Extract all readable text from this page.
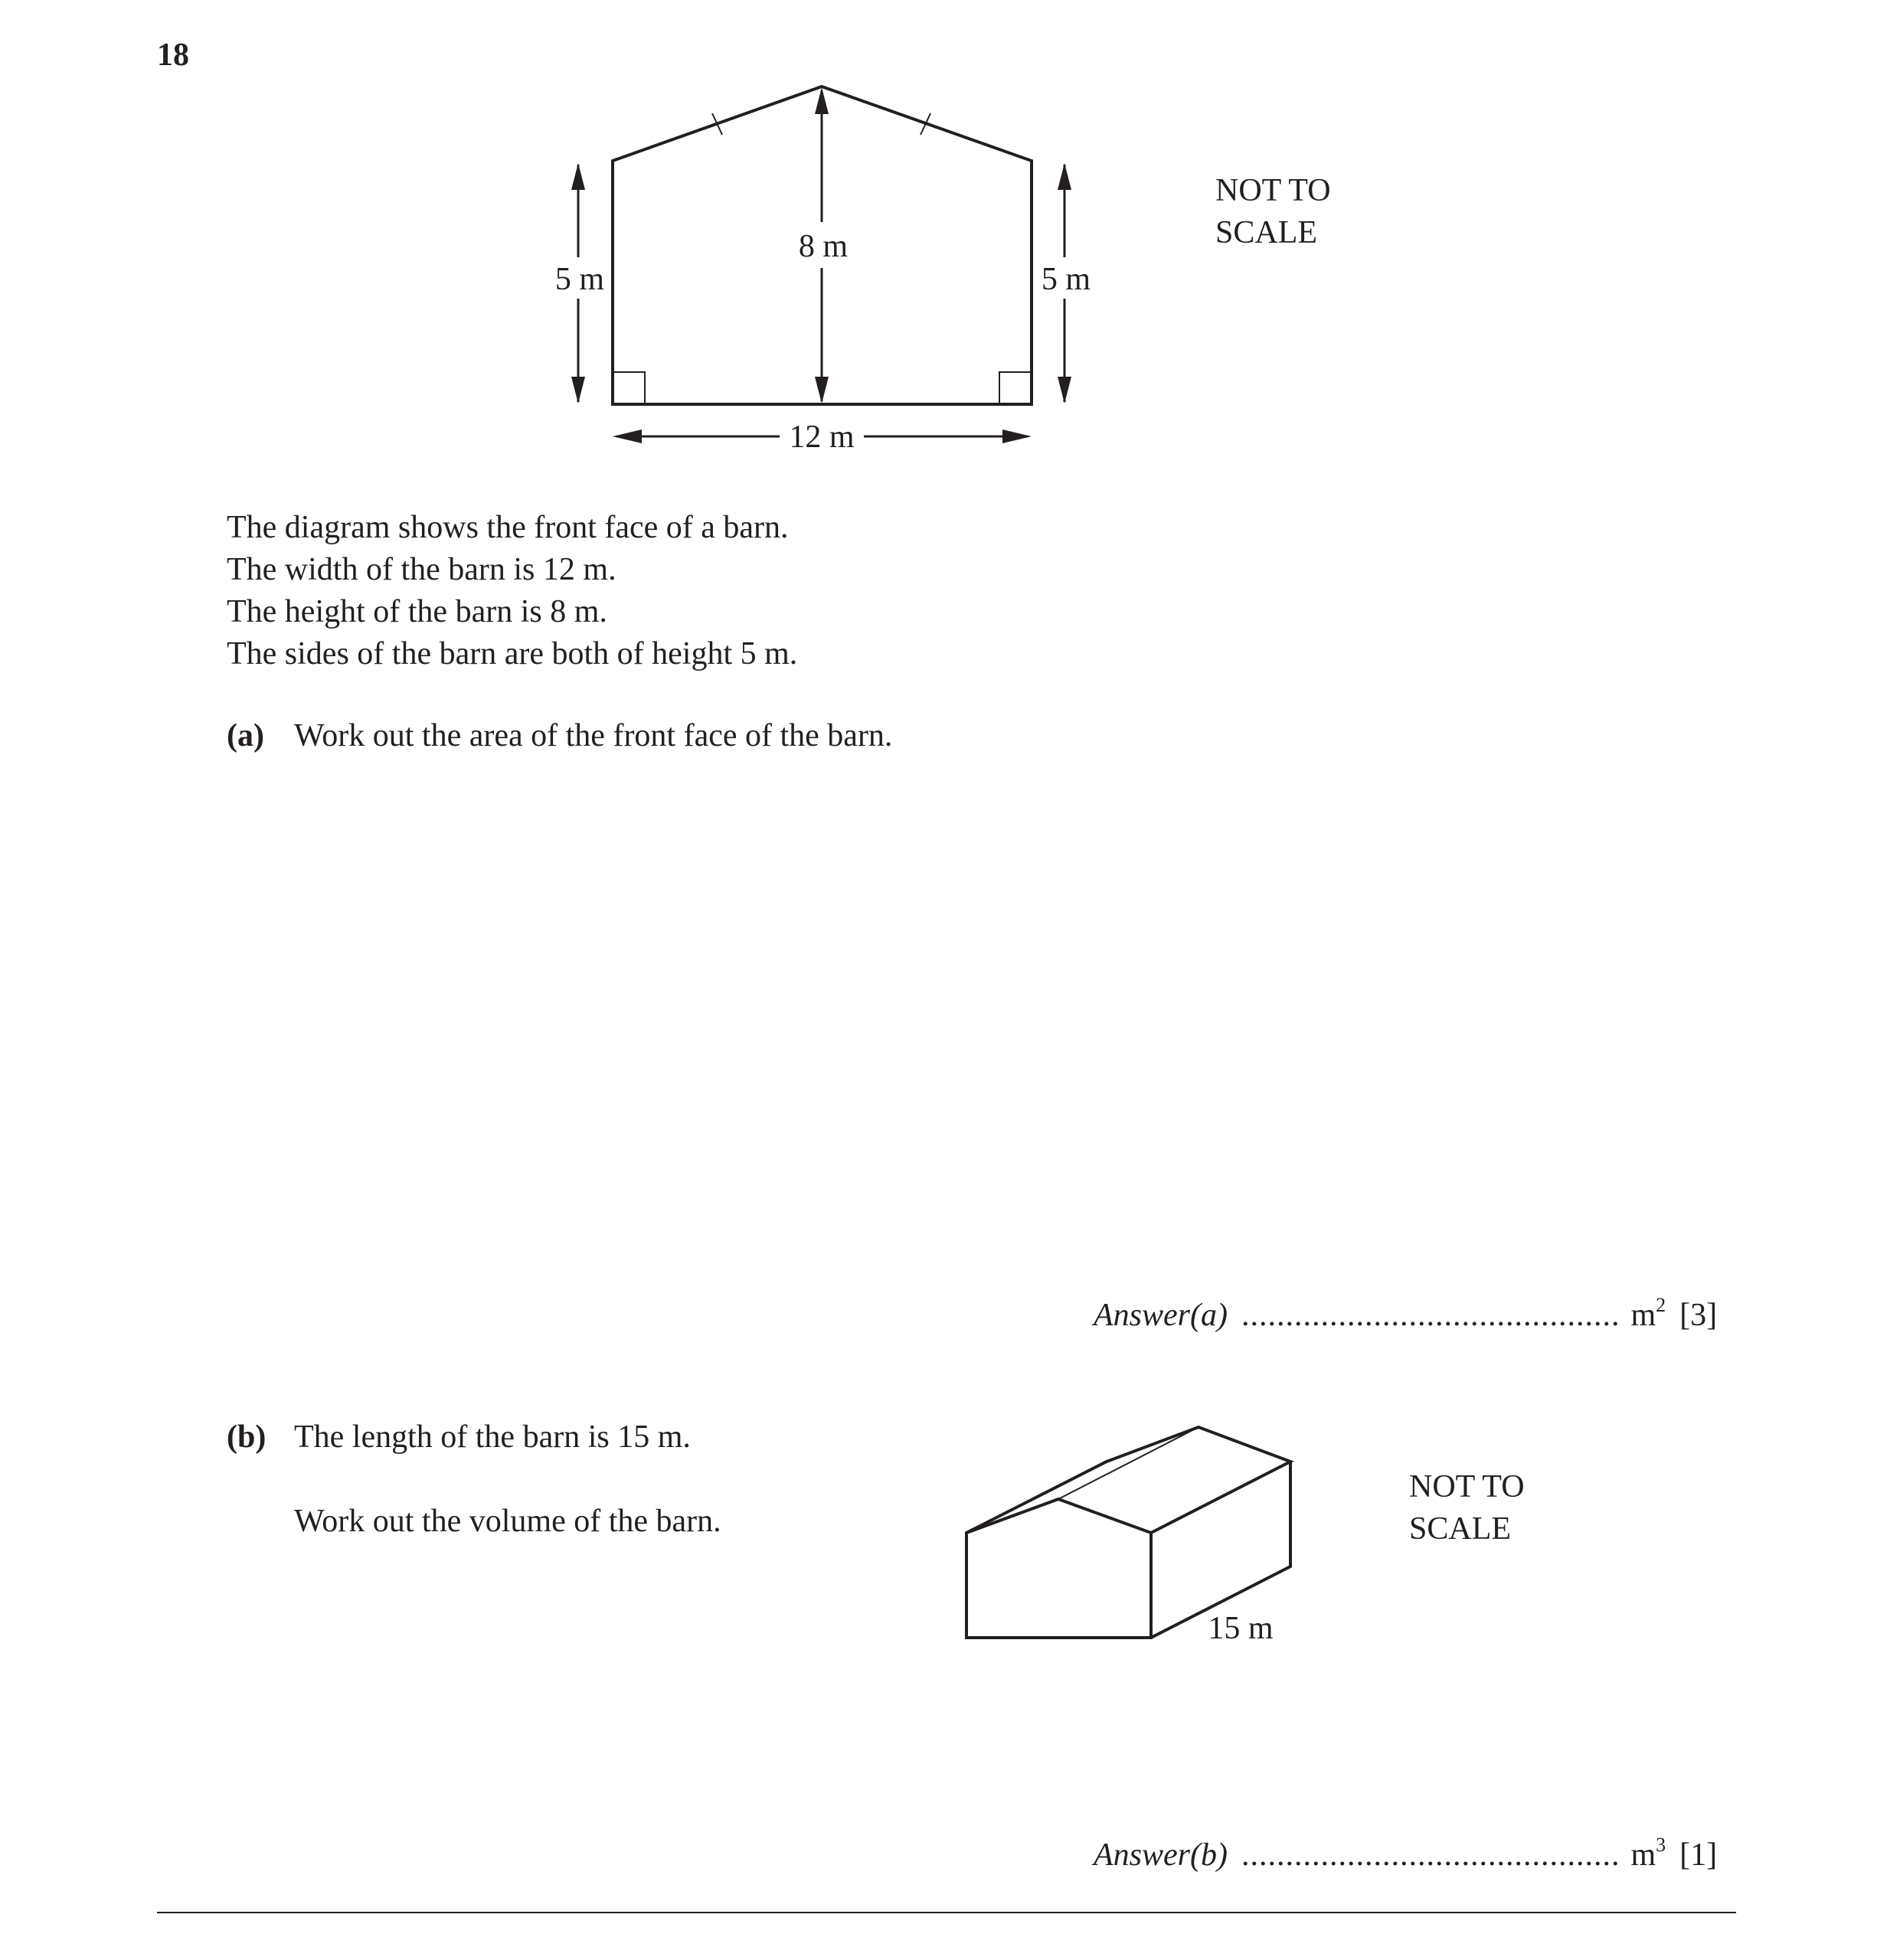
18
5 m	5 m
8 m
12 m
NOT TO
SCALE
The diagram shows the front face of a barn.
The width of the barn is 12 m.
The height of the barn is 8 m.
The sides of the barn are both of height 5 m.
(a) Work out the area of the front face of the barn.
Answer(a) ........................................... $m^2$ [3]
(b) The length of the barn is 15 m.
Work out the volume of the barn.
15 m
NOT TO
SCALE
Answer(b) ........................................... $m^3$ [1]
